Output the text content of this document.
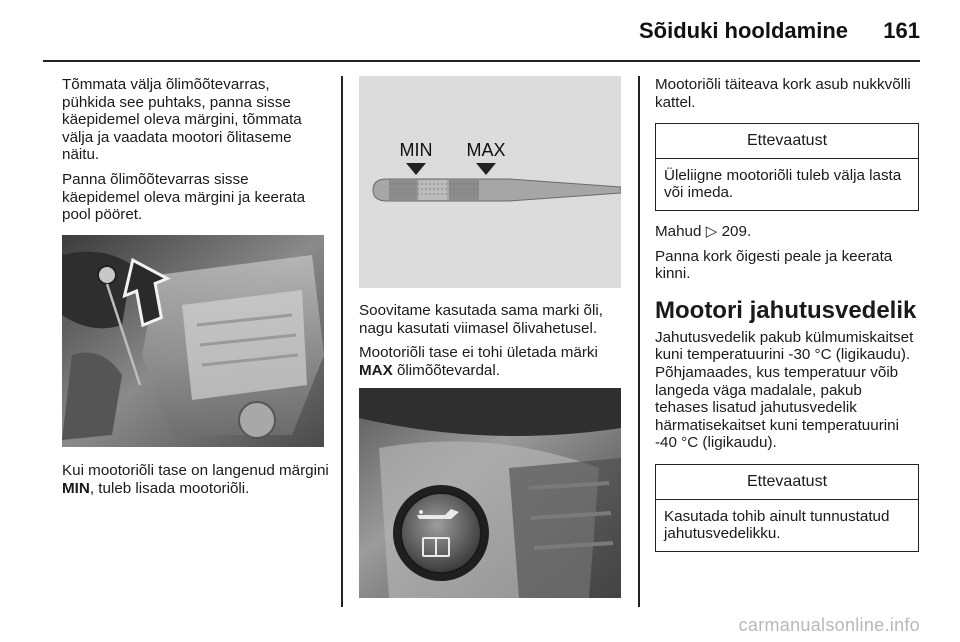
Sõiduki hooldamine 161

Tõmmata välja õlimõõtevarras, pühkida see puhtaks, panna sisse käepidemel oleva märgini, tõmmata välja ja vaadata mootori õlitaseme näitu.

Panna õlimõõtevarras sisse käepidemel oleva märgini ja keerata pool pööret.

Kui mootoriõli tase on langenud märgini MIN, tuleb lisada mootoriõli.

MIN MAX

Soovitame kasutada sama marki õli, nagu kasutati viimasel õlivahetusel.

Mootoriõli tase ei tohi ületada märki MAX õlimõõtevardal.

Mootoriõli täiteava kork asub nukkvõlli kattel.

Ettevaatust
Üleliigne mootoriõli tuleb välja lasta või imeda.

Mahud ▷ 209.

Panna kork õigesti peale ja keerata kinni.

Mootori jahutusvedelik

Jahutusvedelik pakub külmumiskaitset kuni temperatuurini -30 °C (ligikaudu). Põhjamaades, kus temperatuur võib langeda väga madalale, pakub tehases lisatud jahutusvedelik härmatisekaitset kuni temperatuurini -40 °C (ligikaudu).

Ettevaatust
Kasutada tohib ainult tunnustatud jahutusvedelikku.
carmanualsonline.info
